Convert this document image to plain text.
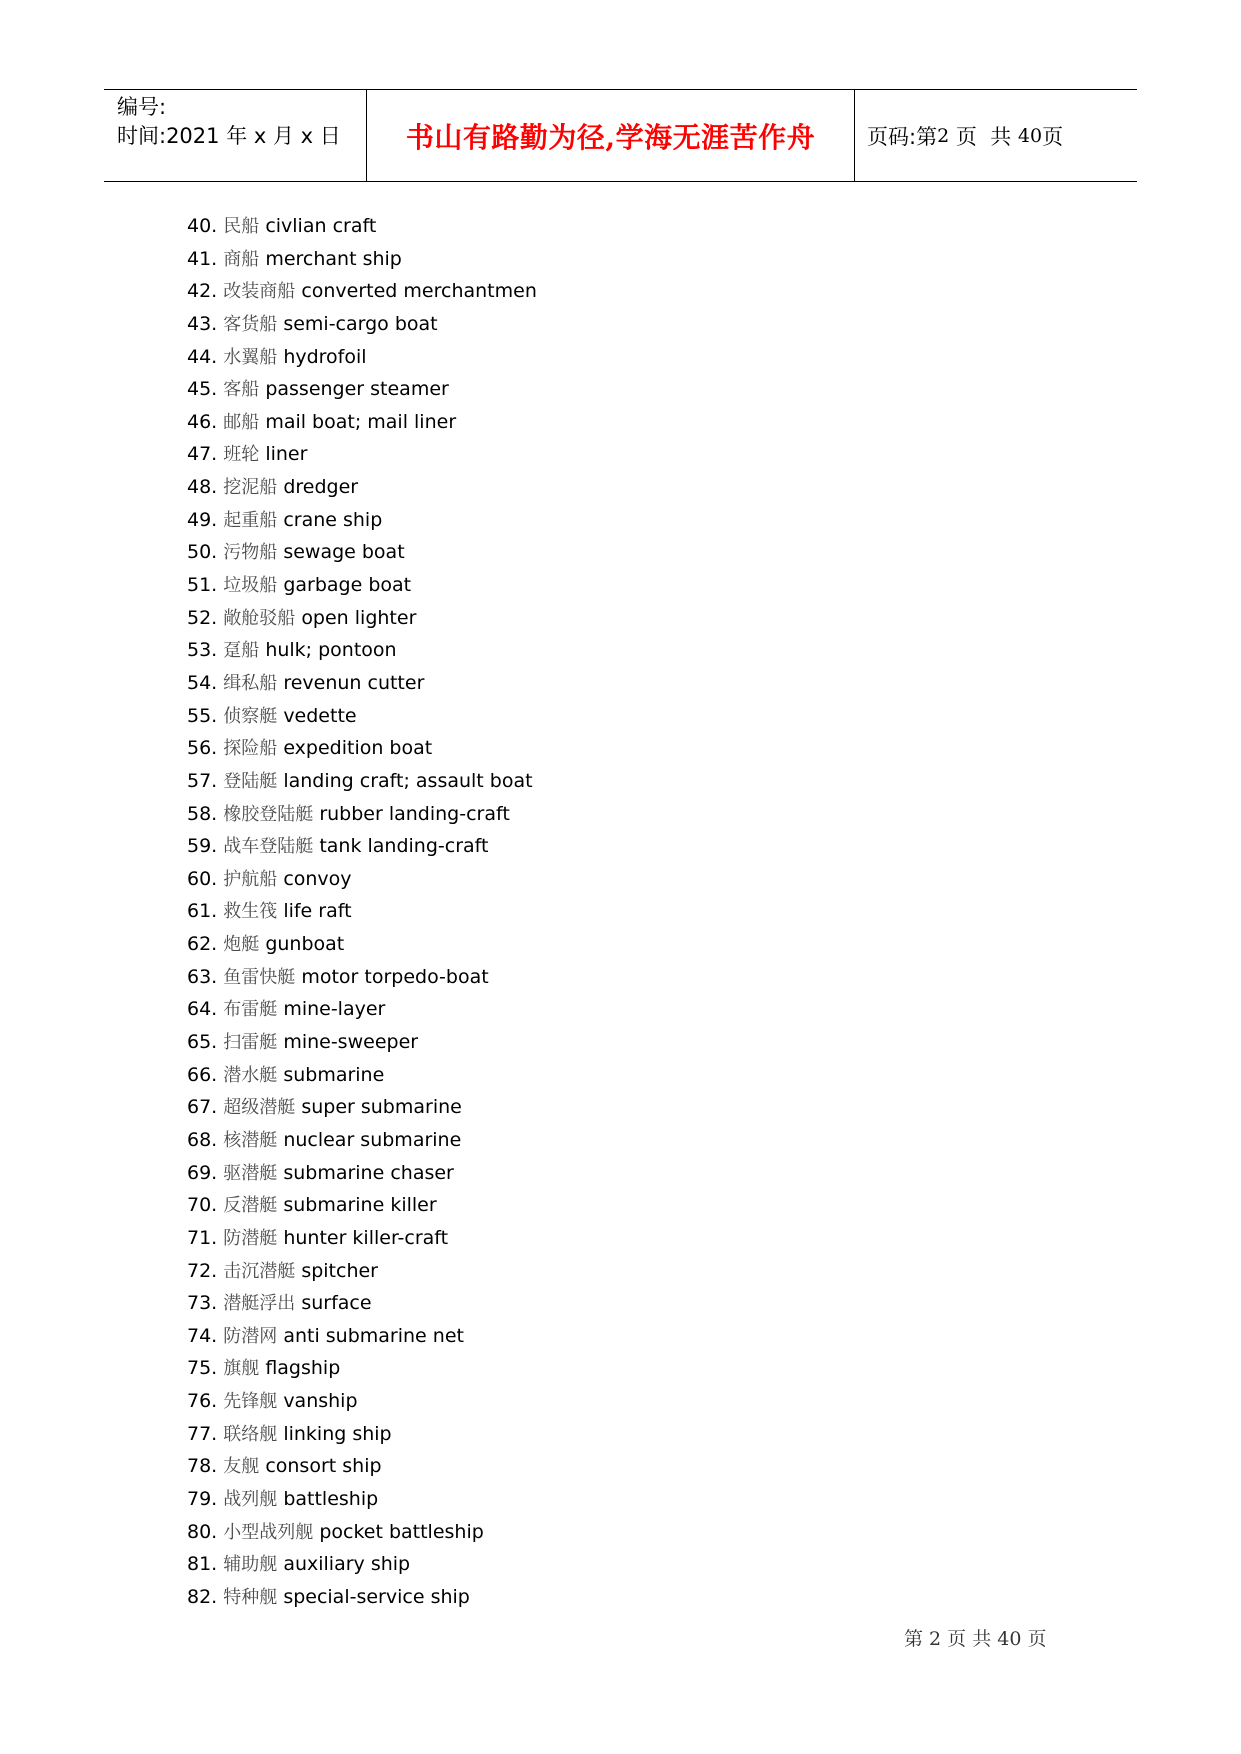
编号:
时间:2021 年 x 月 x 日	书山有路勤为径,学海无涯苦作舟 页码:第 2 页  共 40 页
40. 民船 civlian craft
41. 商船 merchant ship
42. 改装商船 converted merchantmen
43. 客货船 semi-cargo boat
44. 水翼船 hydrofoil
45. 客船 passenger steamer
46. 邮船 mail boat; mail liner
47. 班轮 liner
48. 挖泥船 dredger
49. 起重船 crane ship
50. 污物船 sewage boat
51. 垃圾船 garbage boat
52. 敞舱驳船 open lighter
53. 趸船 hulk; pontoon
54. 缉私船 revenun cutter
55. 侦察艇 vedette
56. 探险船 expedition boat
57. 登陆艇 landing craft; assault boat
58. 橡胶登陆艇 rubber landing-craft
59. 战车登陆艇 tank landing-craft
60. 护航船 convoy
61. 救生筏 life raft
62. 炮艇 gunboat
63. 鱼雷快艇 motor torpedo-boat
64. 布雷艇 mine-layer
65. 扫雷艇 mine-sweeper
66. 潜水艇 submarine
67. 超级潜艇 super submarine
68. 核潜艇 nuclear submarine
69. 驱潜艇 submarine chaser
70. 反潜艇 submarine killer
71. 防潜艇 hunter killer-craft
72. 击沉潜艇 spitcher
73. 潜艇浮出 surface
74. 防潜网 anti submarine net
75. 旗舰 flagship
76. 先锋舰 vanship
77. 联络舰 linking ship
78. 友舰 consort ship
79. 战列舰 battleship
80. 小型战列舰 pocket battleship
81. 辅助舰 auxiliary ship
82. 特种舰 special-service ship
第 2 页 共 40 页
